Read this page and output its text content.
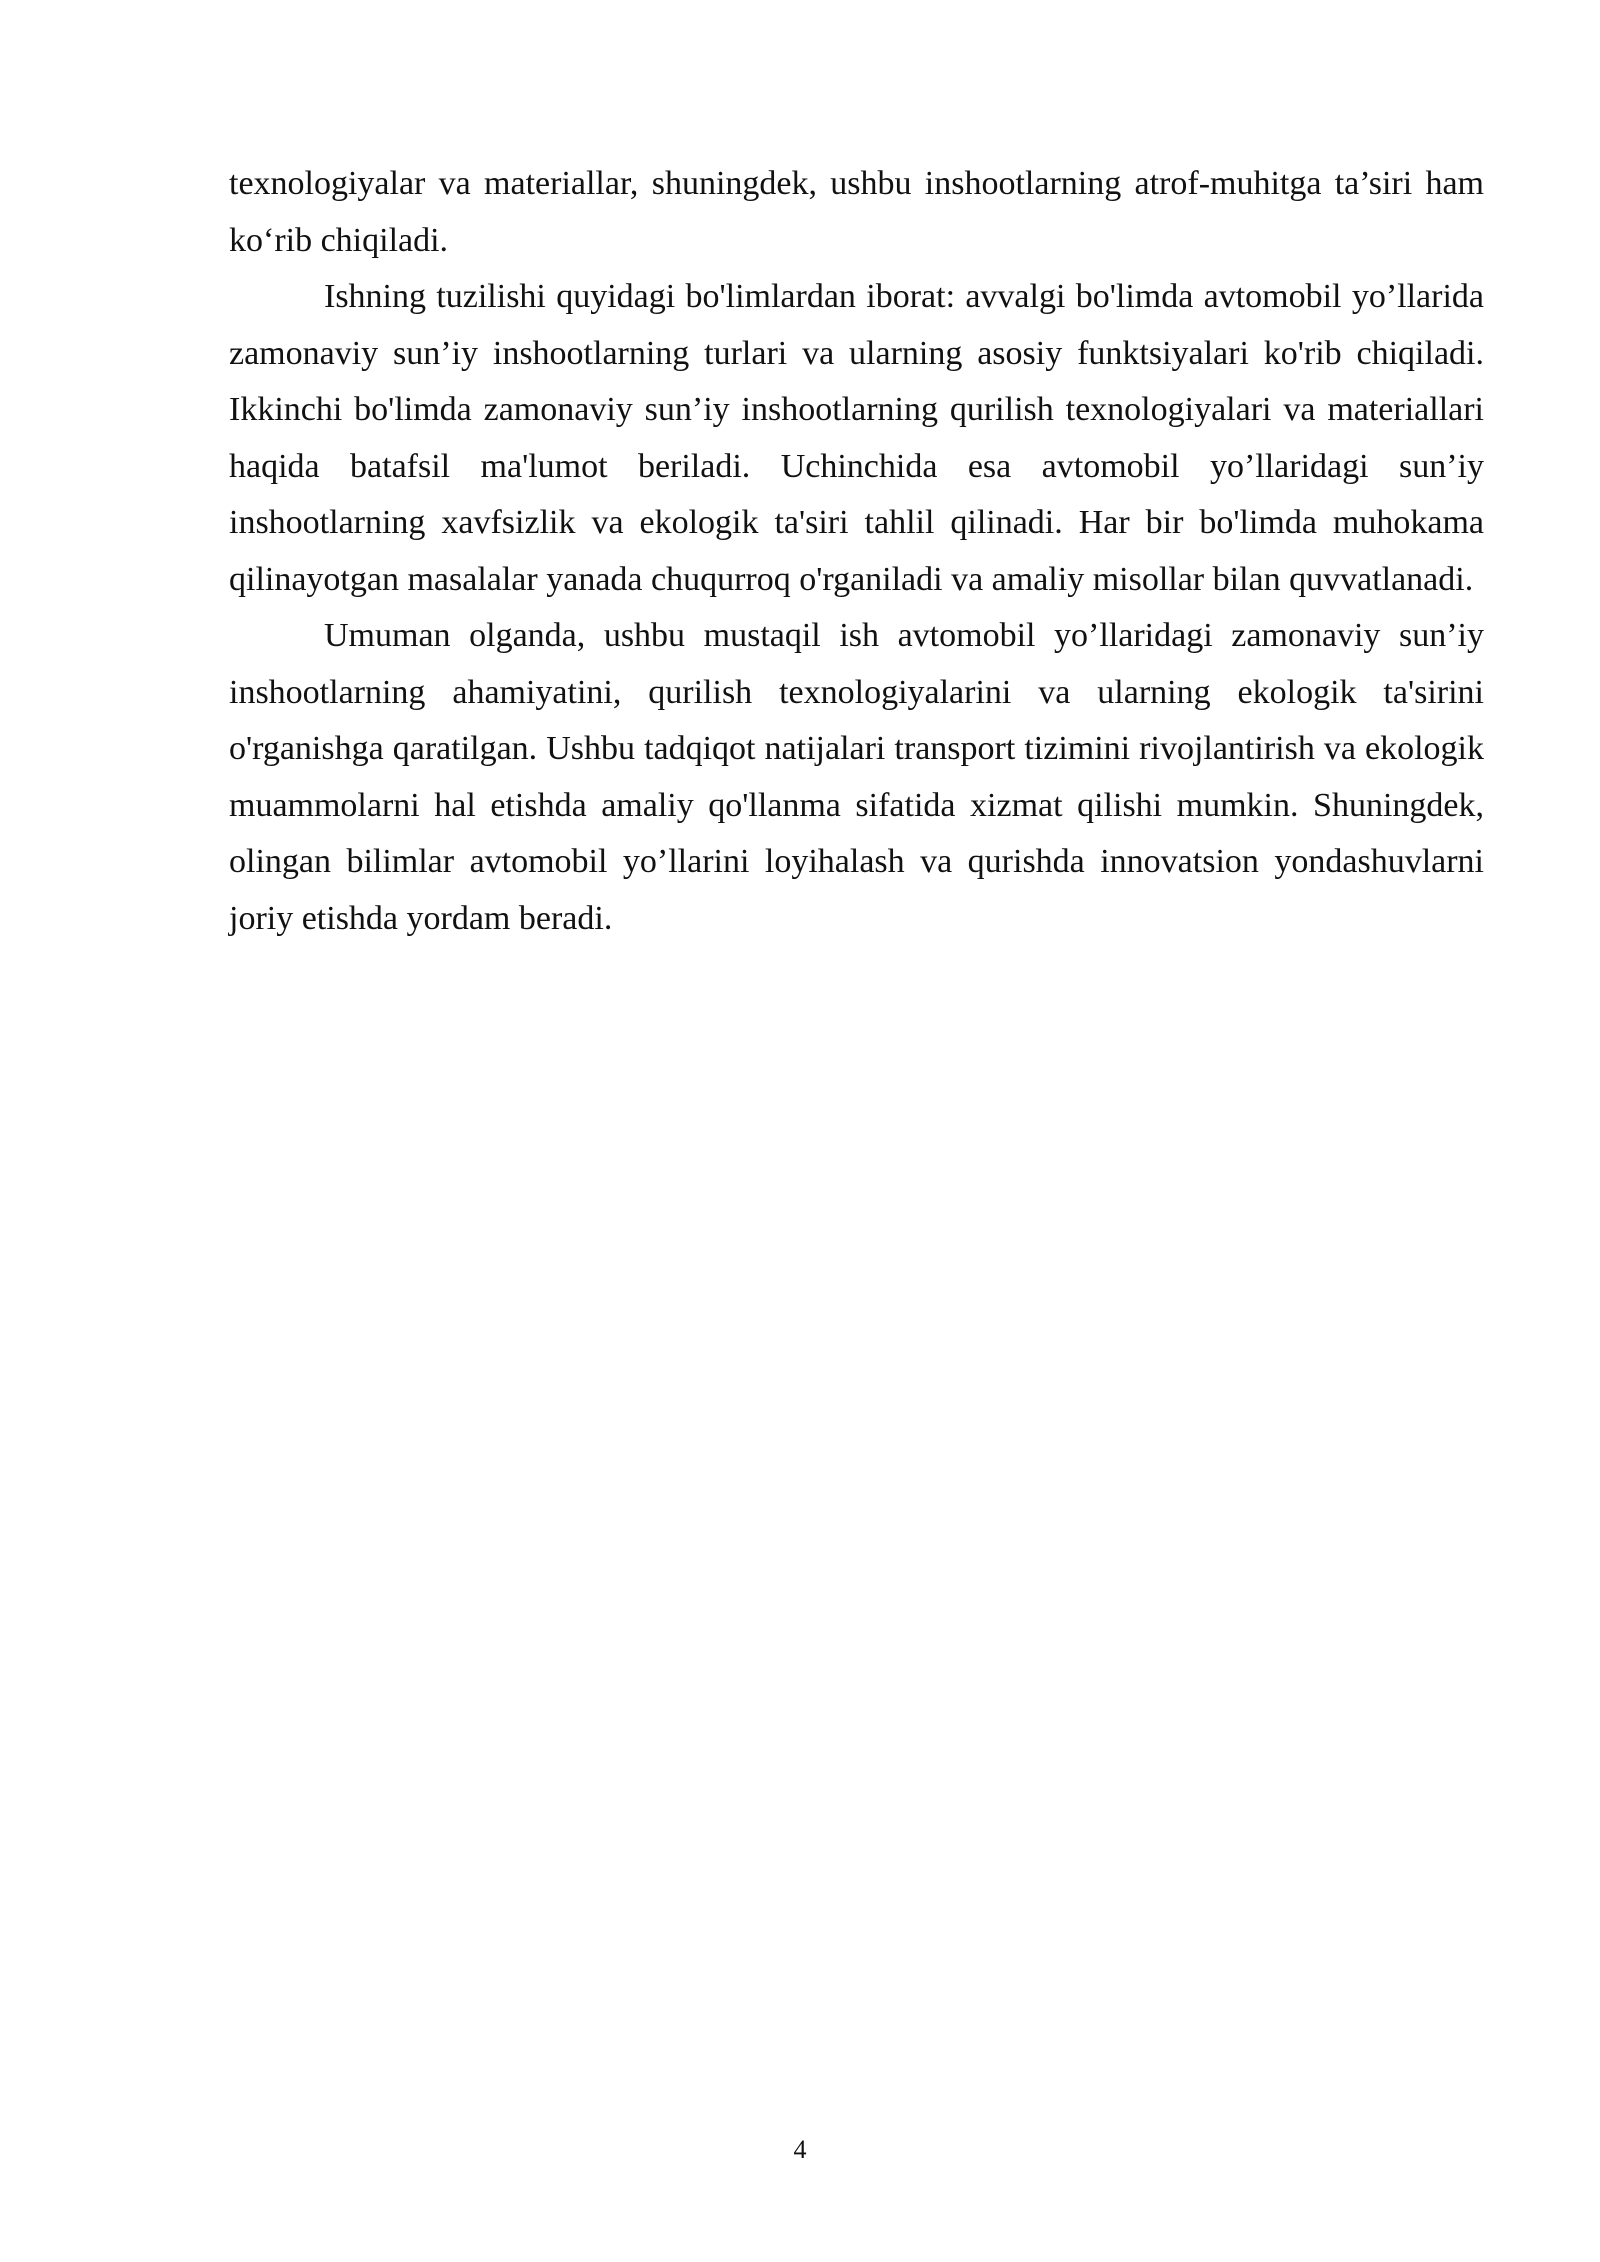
texnologiyalar va materiallar, shuningdek, ushbu inshootlarning atrof-muhitga ta’siri ham ko‘rib chiqiladi.

Ishning tuzilishi quyidagi bo'limlardan iborat: avvalgi bo'limda avtomobil yo’llarida zamonaviy sun’iy inshootlarning turlari va ularning asosiy funktsiyalari ko'rib chiqiladi. Ikkinchi bo'limda zamonaviy sun’iy inshootlarning qurilish texnologiyalari va materiallari haqida batafsil ma'lumot beriladi. Uchinchida esa avtomobil yo’llaridagi sun’iy inshootlarning xavfsizlik va ekologik ta'siri tahlil qilinadi. Har bir bo'limda muhokama qilinayotgan masalalar yanada chuqurroq o'rganiladi va amaliy misollar bilan quvvatlanadi.

Umuman olganda, ushbu mustaqil ish avtomobil yo’llaridagi zamonaviy sun’iy inshootlarning ahamiyatini, qurilish texnologiyalarini va ularning ekologik ta'sirini o'rganishga qaratilgan. Ushbu tadqiqot natijalari transport tizimini rivojlantirish va ekologik muammolarni hal etishda amaliy qo'llanma sifatida xizmat qilishi mumkin. Shuningdek, olingan bilimlar avtomobil yo’llarini loyihalash va qurishda innovatsion yondashuvlarni joriy etishda yordam beradi.

4
